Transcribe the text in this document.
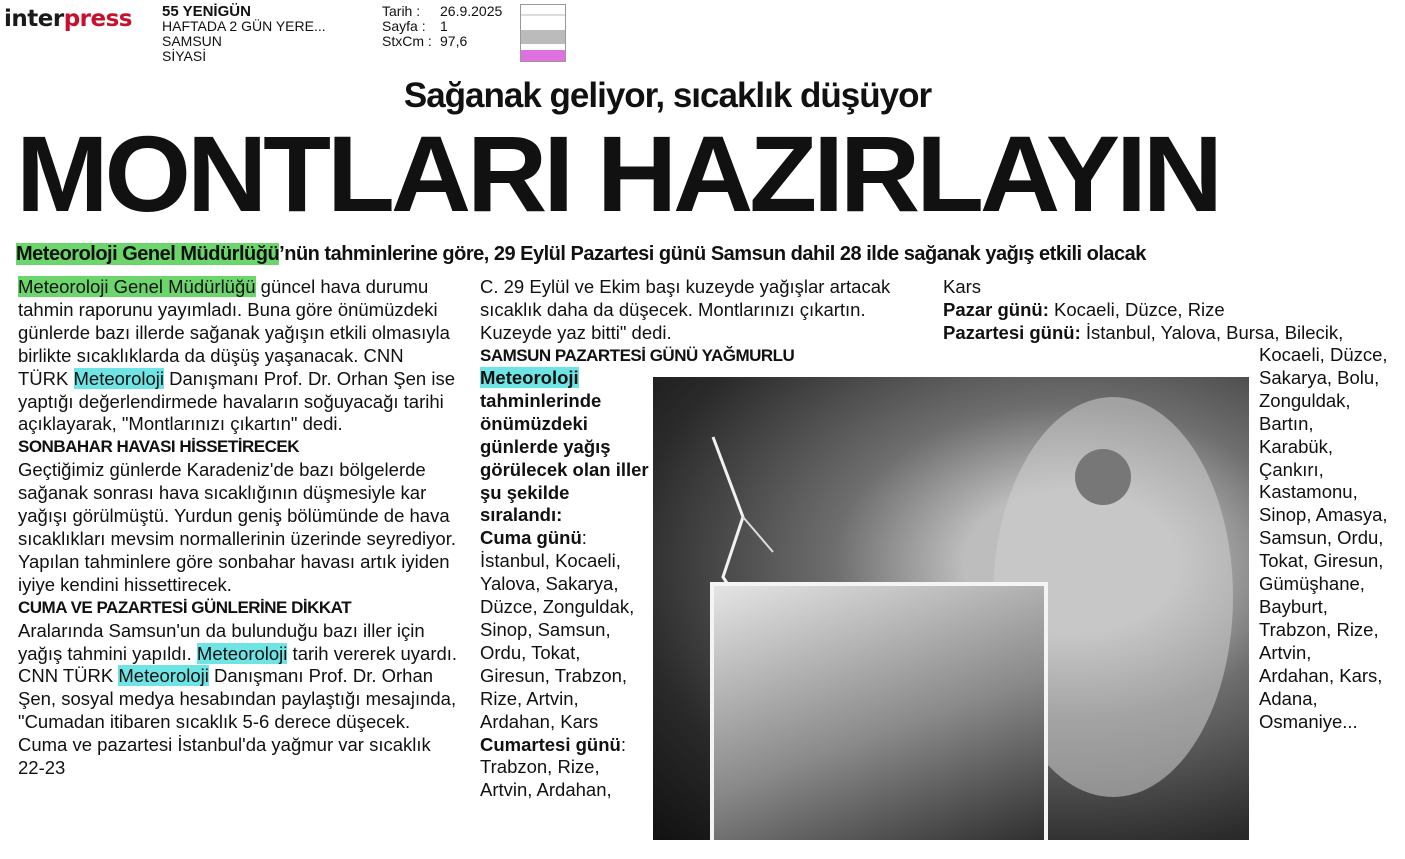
interpress 55 YENİGÜN
HAFTADA 2 GÜN YERE...
SAMSUN
SİYASİ
Tarih :	26.9.2025
Sayfa :	1
StxCm : 97,6
Sağanak geliyor, sıcaklık düşüyor
MONTLARI HAZIRLAYIN
Meteoroloji Genel Müdürlüğü’nün tahminlerine göre, 29 Eylül Pazartesi günü Samsun dahil 28 ilde sağanak yağış etkili olacak

Meteoroloji Genel Müdürlüğü güncel hava durumu tahmin raporunu yayımladı. Buna göre önümüzdeki günlerde bazı illerde sağanak yağışın etkili olmasıyla birlikte sıcaklıklarda da düşüş yaşanacak. CNN TÜRK Meteoroloji Danışmanı Prof. Dr. Orhan Şen ise yaptığı değerlendirmede havaların soğuyacağı tarihi açıklayarak, "Montlarınızı çıkartın" dedi.

SONBAHAR HAVASI HİSSETİRECEK

Geçtiğimiz günlerde Karadeniz'de bazı bölgelerde sağanak sonrası hava sıcaklığının düşmesiyle kar yağışı görülmüştü. Yurdun geniş bölümünde de hava sıcaklıkları mevsim normallerinin üzerinde seyrediyor. Yapılan tahminlere göre sonbahar havası artık iyiden iyiye kendini hissettirecek.

CUMA VE PAZARTESİ GÜNLERİNE DİKKAT

Aralarında Samsun'un da bulunduğu bazı iller için yağış tahmini yapıldı. Meteoroloji tarih vererek uyardı. CNN TÜRK Meteoroloji Danışmanı Prof. Dr. Orhan Şen, sosyal medya hesabından paylaştığı mesajında, "Cumadan itibaren sıcaklık 5-6 derece düşecek. Cuma ve pazartesi İstanbul'da yağmur var sıcaklık 22-23

C. 29 Eylül ve Ekim başı kuzeyde yağışlar artacak sıcaklık daha da düşecek. Montlarınızı çıkartın. Kuzeyde yaz bitti" dedi.

SAMSUN PAZARTESİ GÜNÜ YAĞMURLU

Meteoroloji tahminlerinde önümüzdeki günlerde yağış görülecek olan iller şu şekilde sıralandı:

Cuma günü: İstanbul, Kocaeli, Yalova, Sakarya, Düzce, Zonguldak, Sinop, Samsun, Ordu, Tokat, Giresun, Trabzon, Rize, Artvin, Ardahan, Kars

Cumartesi günü: Trabzon, Rize, Artvin, Ardahan,

Kars

Pazar günü: Kocaeli, Düzce, Rize

Pazartesi günü: İstanbul, Yalova, Bursa, Bilecik,

Kocaeli, Düzce, Sakarya, Bolu, Zonguldak, Bartın, Karabük, Çankırı, Kastamonu, Sinop, Amasya, Samsun, Ordu, Tokat, Giresun, Gümüşhane, Bayburt, Trabzon, Rize, Artvin, Ardahan, Kars, Adana, Osmaniye...
